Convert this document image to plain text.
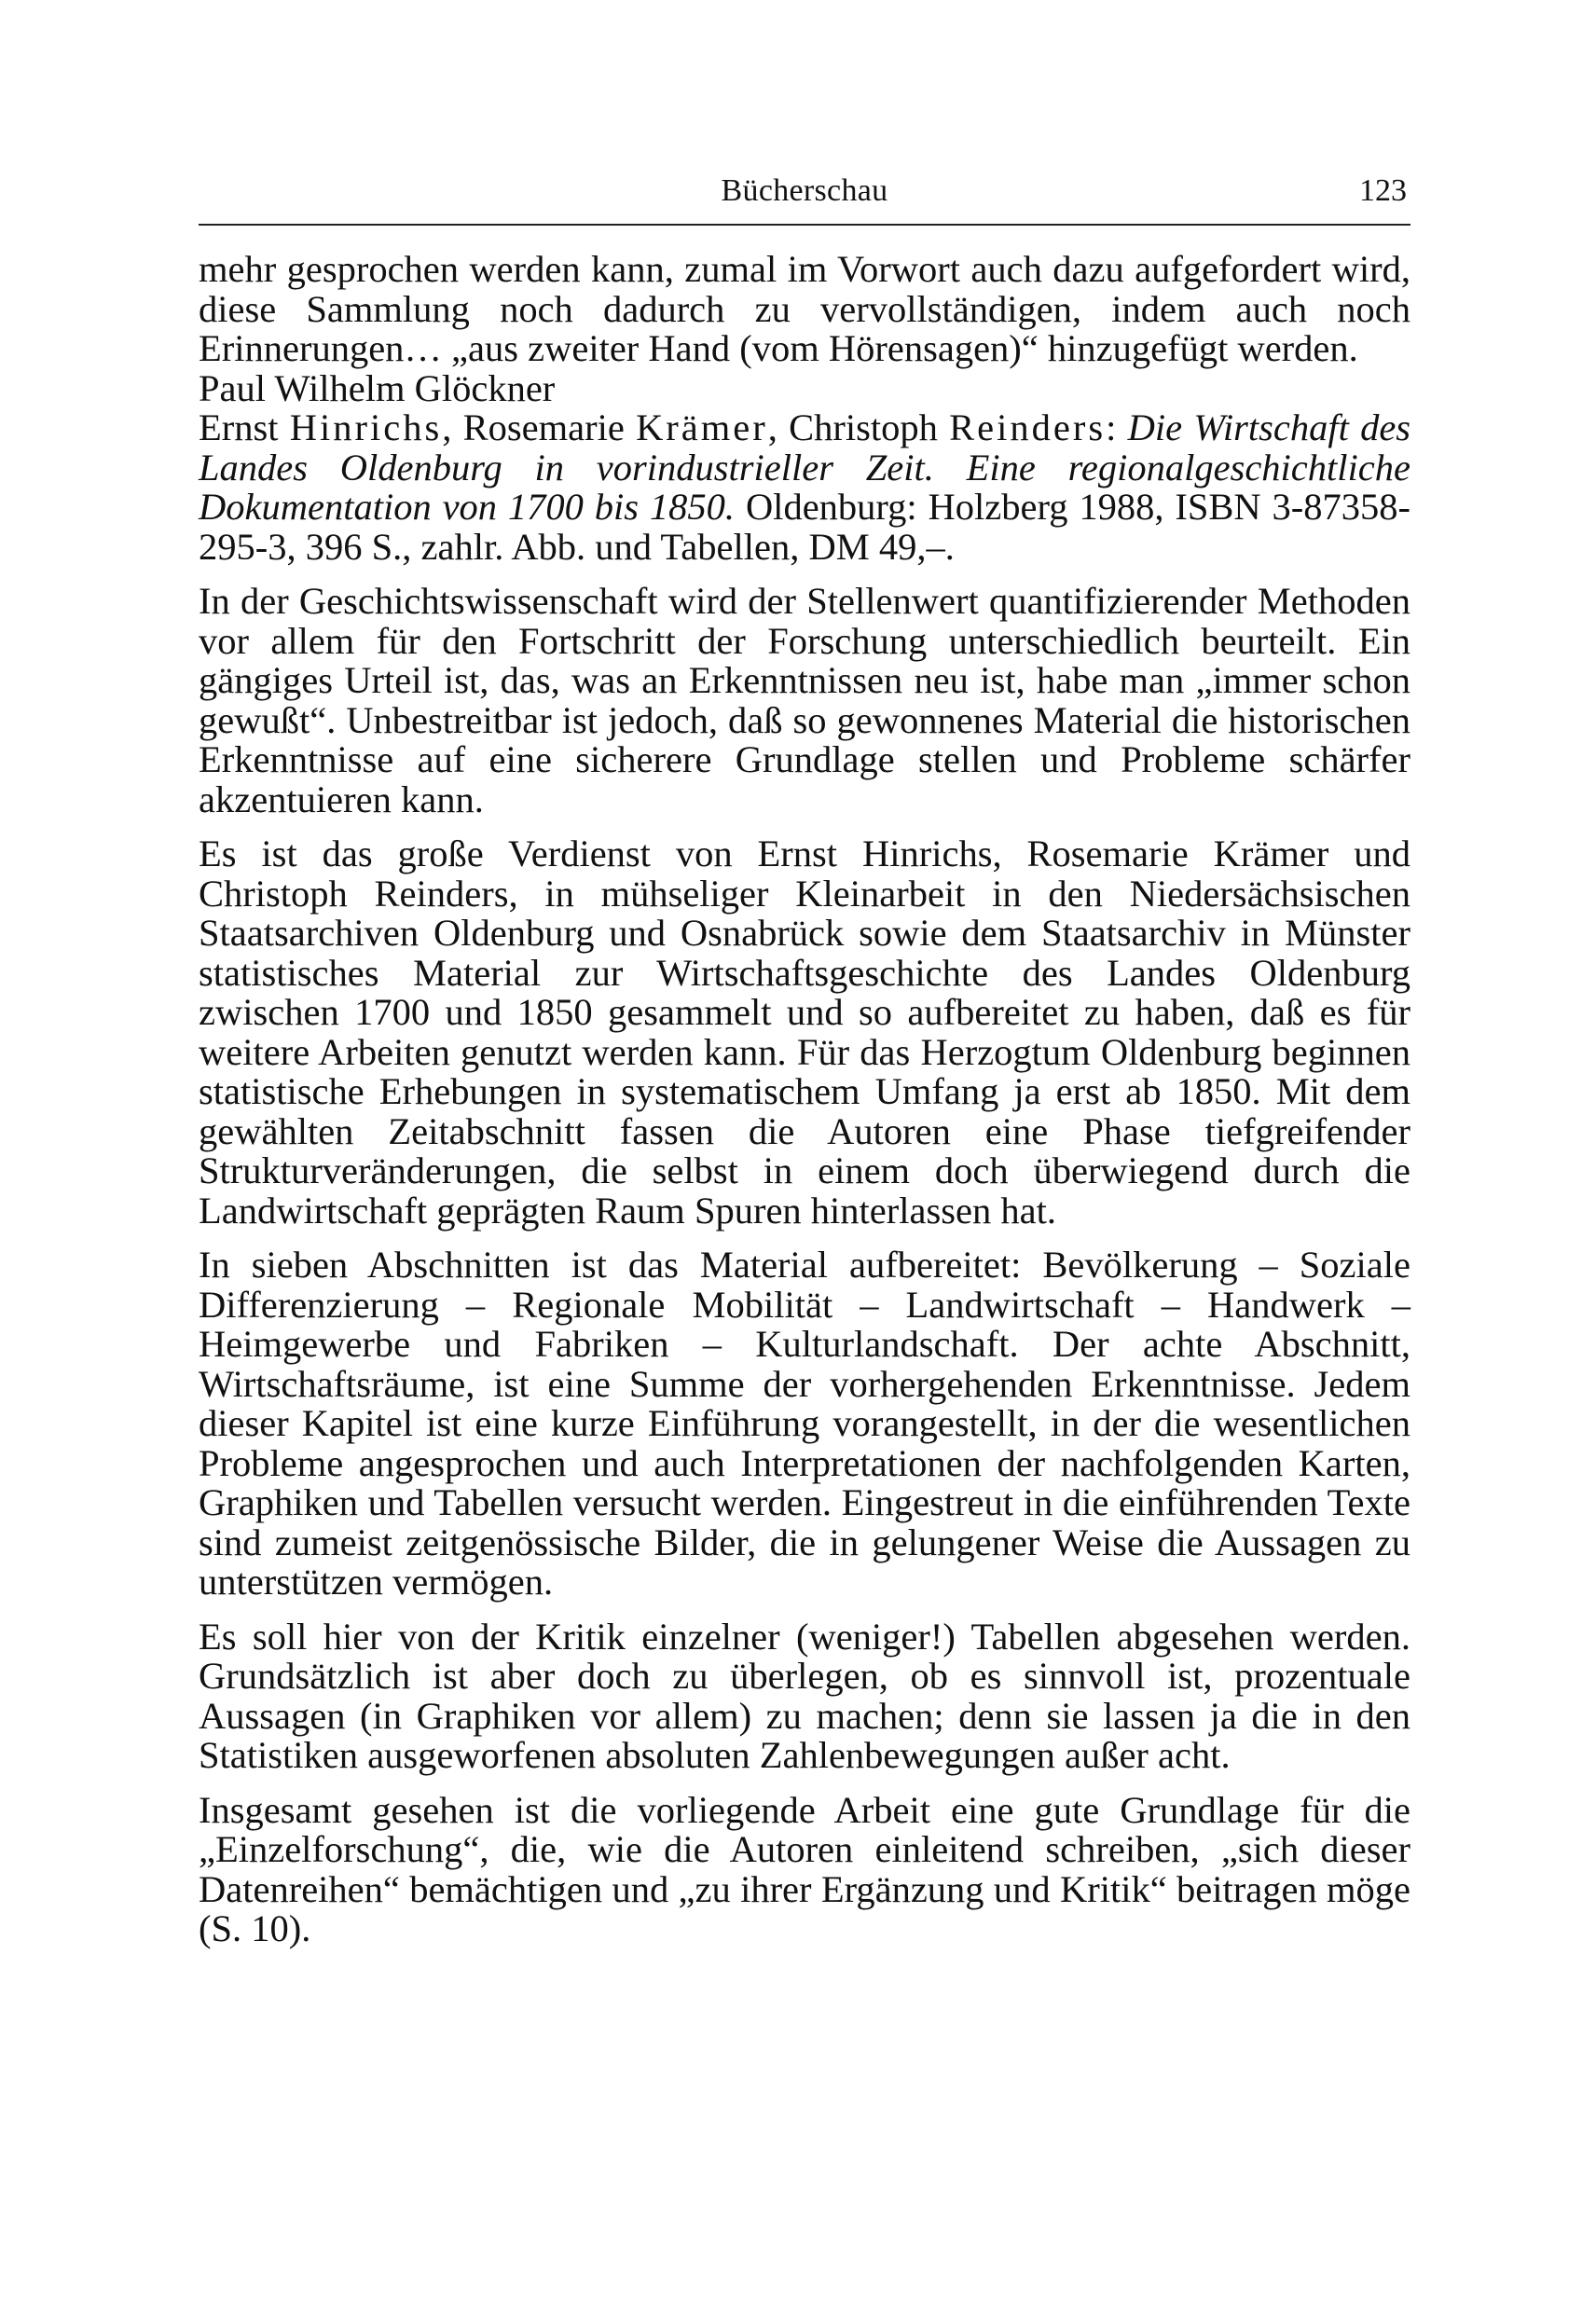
Bücherschau	123

mehr gesprochen werden kann, zumal im Vorwort auch dazu aufgefordert wird, diese Sammlung noch dadurch zu vervollständigen, indem auch noch Erinnerungen… „aus zweiter Hand (vom Hörensagen)“ hinzugefügt werden.

Paul Wilhelm Glöckner

Ernst Hinrichs, Rosemarie Krämer, Christoph Reinders: Die Wirtschaft des Landes Oldenburg in vorindustrieller Zeit. Eine regionalgeschichtliche Dokumentation von 1700 bis 1850. Oldenburg: Holzberg 1988, ISBN 3-87358-295-3, 396 S., zahlr. Abb. und Tabellen, DM 49,–.

In der Geschichtswissenschaft wird der Stellenwert quantifizierender Methoden vor allem für den Fortschritt der Forschung unterschiedlich beurteilt. Ein gängiges Urteil ist, das, was an Erkenntnissen neu ist, habe man „immer schon gewußt“. Unbestreitbar ist jedoch, daß so gewonnenes Material die historischen Erkenntnisse auf eine sicherere Grundlage stellen und Probleme schärfer akzentuieren kann.

Es ist das große Verdienst von Ernst Hinrichs, Rosemarie Krämer und Christoph Reinders, in mühseliger Kleinarbeit in den Niedersächsischen Staatsarchiven Oldenburg und Osnabrück sowie dem Staatsarchiv in Münster statistisches Material zur Wirtschaftsgeschichte des Landes Oldenburg zwischen 1700 und 1850 gesammelt und so aufbereitet zu haben, daß es für weitere Arbeiten genutzt werden kann. Für das Herzogtum Oldenburg beginnen statistische Erhebungen in systematischem Umfang ja erst ab 1850. Mit dem gewählten Zeitabschnitt fassen die Autoren eine Phase tiefgreifender Strukturveränderungen, die selbst in einem doch überwiegend durch die Landwirtschaft geprägten Raum Spuren hinterlassen hat.

In sieben Abschnitten ist das Material aufbereitet: Bevölkerung – Soziale Differenzierung – Regionale Mobilität – Landwirtschaft – Handwerk – Heimgewerbe und Fabriken – Kulturlandschaft. Der achte Abschnitt, Wirtschaftsräume, ist eine Summe der vorhergehenden Erkenntnisse. Jedem dieser Kapitel ist eine kurze Einführung vorangestellt, in der die wesentlichen Probleme angesprochen und auch Interpretationen der nachfolgenden Karten, Graphiken und Tabellen versucht werden. Eingestreut in die einführenden Texte sind zumeist zeitgenössische Bilder, die in gelungener Weise die Aussagen zu unterstützen vermögen.

Es soll hier von der Kritik einzelner (weniger!) Tabellen abgesehen werden. Grundsätzlich ist aber doch zu überlegen, ob es sinnvoll ist, prozentuale Aussagen (in Graphiken vor allem) zu machen; denn sie lassen ja die in den Statistiken ausgeworfenen absoluten Zahlenbewegungen außer acht.

Insgesamt gesehen ist die vorliegende Arbeit eine gute Grundlage für die „Einzelforschung“, die, wie die Autoren einleitend schreiben, „sich dieser Datenreihen“ bemächtigen und „zu ihrer Ergänzung und Kritik“ beitragen möge (S. 10).
